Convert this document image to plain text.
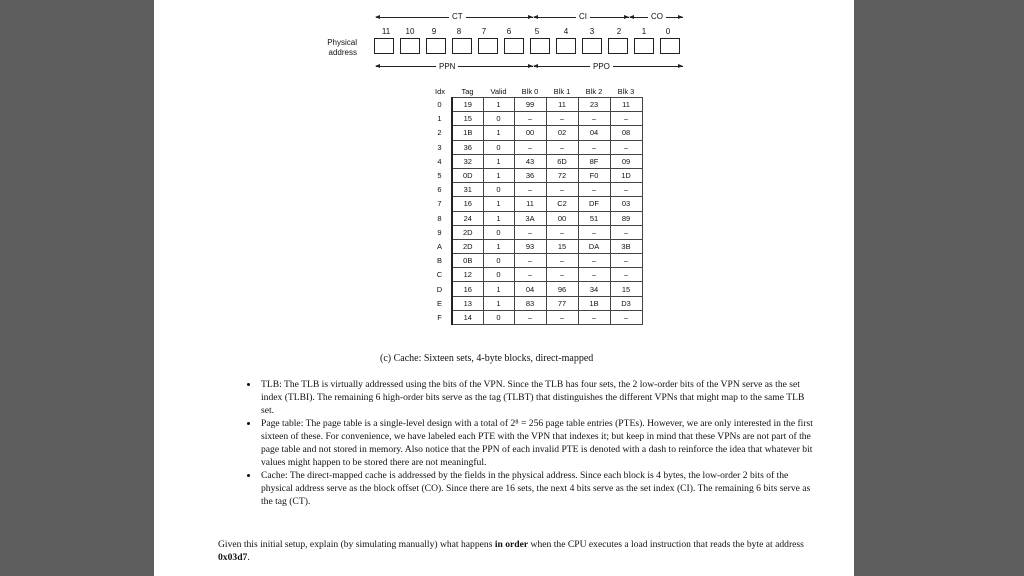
CT	CI	CO
11	10	9	8	7	6	5	4	3	2	1	0
Physical
address
PPN	PPO
Idx	Tag	Valid	Blk 0	Blk 1	Blk 2	Blk 3
0	19	1	99	11	23	11
1	15	0	–	–	–	–
2	1B	1	00	02	04	08
3	36	0	–	–	–	–
4	32	1	43	6D	8F	09
5	0D	1	36	72	F0	1D
6	31	0	–	–	–	–
7	16	1	11	C2	DF	03
8	24	1	3A	00	51	89
9	2D	0	–	–	–	–
A	2D	1	93	15	DA	3B
B	0B	0	–	–	–	–
C	12	0	–	–	–	–
D	16	1	04	96	34	15
E	13	1	83	77	1B	D3
F	14	0	–	–	–	–
(c) Cache: Sixteen sets, 4-byte blocks, direct-mapped
• TLB: The TLB is virtually addressed using the bits of the VPN. Since the TLB has four sets, the 2 low-order bits of the VPN serve as the set index (TLBI). The remaining 6 high-order bits serve as the tag (TLBT) that distinguishes the different VPNs that might map to the same TLB set.
• Page table: The page table is a single-level design with a total of 2⁸ = 256 page table entries (PTEs). However, we are only interested in the first sixteen of these. For convenience, we have labeled each PTE with the VPN that indexes it; but keep in mind that these VPNs are not part of the page table and not stored in memory. Also notice that the PPN of each invalid PTE is denoted with a dash to reinforce the idea that whatever bit values might happen to be stored there are not meaningful.
• Cache: The direct-mapped cache is addressed by the fields in the physical address. Since each block is 4 bytes, the low-order 2 bits of the physical address serve as the block offset (CO). Since there are 16 sets, the next 4 bits serve as the set index (CI). The remaining 6 bits serve as the tag (CT).
Given this initial setup, explain (by simulating manually) what happens in order when the CPU executes a load instruction that reads the byte at address 0x03d7.
